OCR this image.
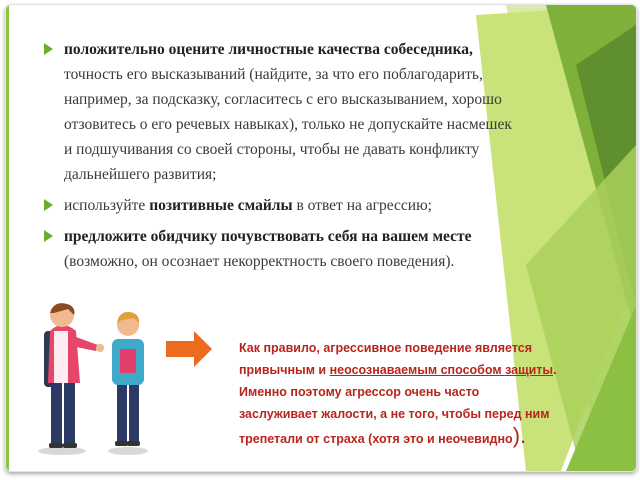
положительно оцените личностные качества собеседника, точность его высказываний (найдите, за что его поблагодарить, например, за подсказку, согласитесь с его высказыванием, хорошо отзовитесь о его речевых навыках), только не допускайте насмешек и подшучивания со своей стороны, чтобы не давать конфликту дальнейшего развития;
используйте позитивные смайлы в ответ на агрессию;
предложите обидчику почувствовать себя на вашем месте (возможно, он осознает некорректность своего поведения).
Как правило, агрессивное поведение является привычным и неосознаваемым способом защиты. Именно поэтому агрессор очень часто заслуживает жалости, а не того, чтобы перед ним трепетали от страха (хотя это и неочевидно).
